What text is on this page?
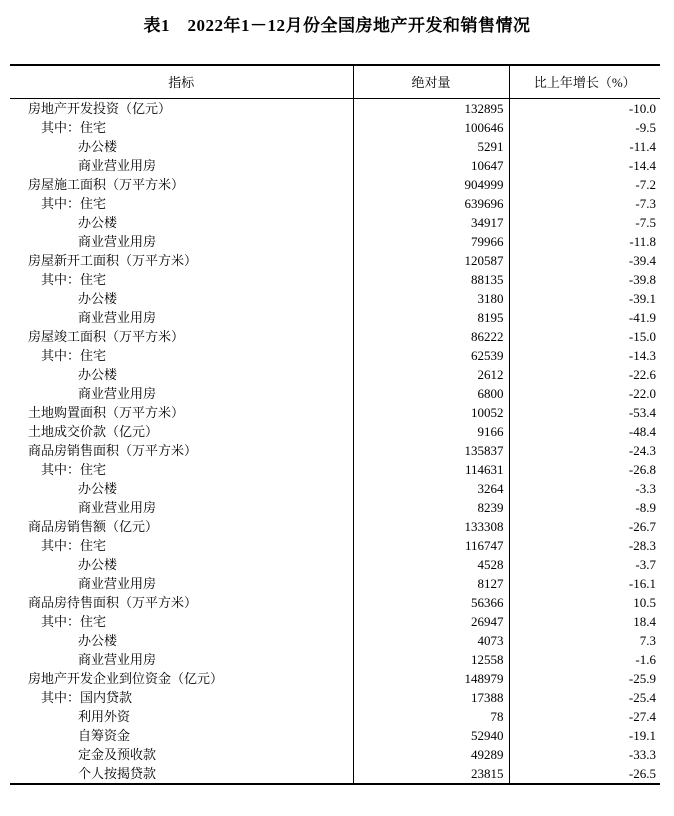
表1　2022年1－12月份全国房地产开发和销售情况
指标	绝对量	比上年增长（%）
房地产开发投资（亿元）	132895	-10.0
其中：住宅	100646	-9.5
办公楼	5291	-11.4
商业营业用房	10647	-14.4
房屋施工面积（万平方米）	904999	-7.2
其中：住宅	639696	-7.3
办公楼	34917	-7.5
商业营业用房	79966	-11.8
房屋新开工面积（万平方米）	120587	-39.4
其中：住宅	88135	-39.8
办公楼	3180	-39.1
商业营业用房	8195	-41.9
房屋竣工面积（万平方米）	86222	-15.0
其中：住宅	62539	-14.3
办公楼	2612	-22.6
商业营业用房	6800	-22.0
土地购置面积（万平方米）	10052	-53.4
土地成交价款（亿元）	9166	-48.4
商品房销售面积（万平方米）	135837	-24.3
其中：住宅	114631	-26.8
办公楼	3264	-3.3
商业营业用房	8239	-8.9
商品房销售额（亿元）	133308	-26.7
其中：住宅	116747	-28.3
办公楼	4528	-3.7
商业营业用房	8127	-16.1
商品房待售面积（万平方米）	56366	10.5
其中：住宅	26947	18.4
办公楼	4073	7.3
商业营业用房	12558	-1.6
房地产开发企业到位资金（亿元）	148979	-25.9
其中：国内贷款	17388	-25.4
利用外资	78	-27.4
自筹资金	52940	-19.1
定金及预收款	49289	-33.3
个人按揭贷款	23815	-26.5
